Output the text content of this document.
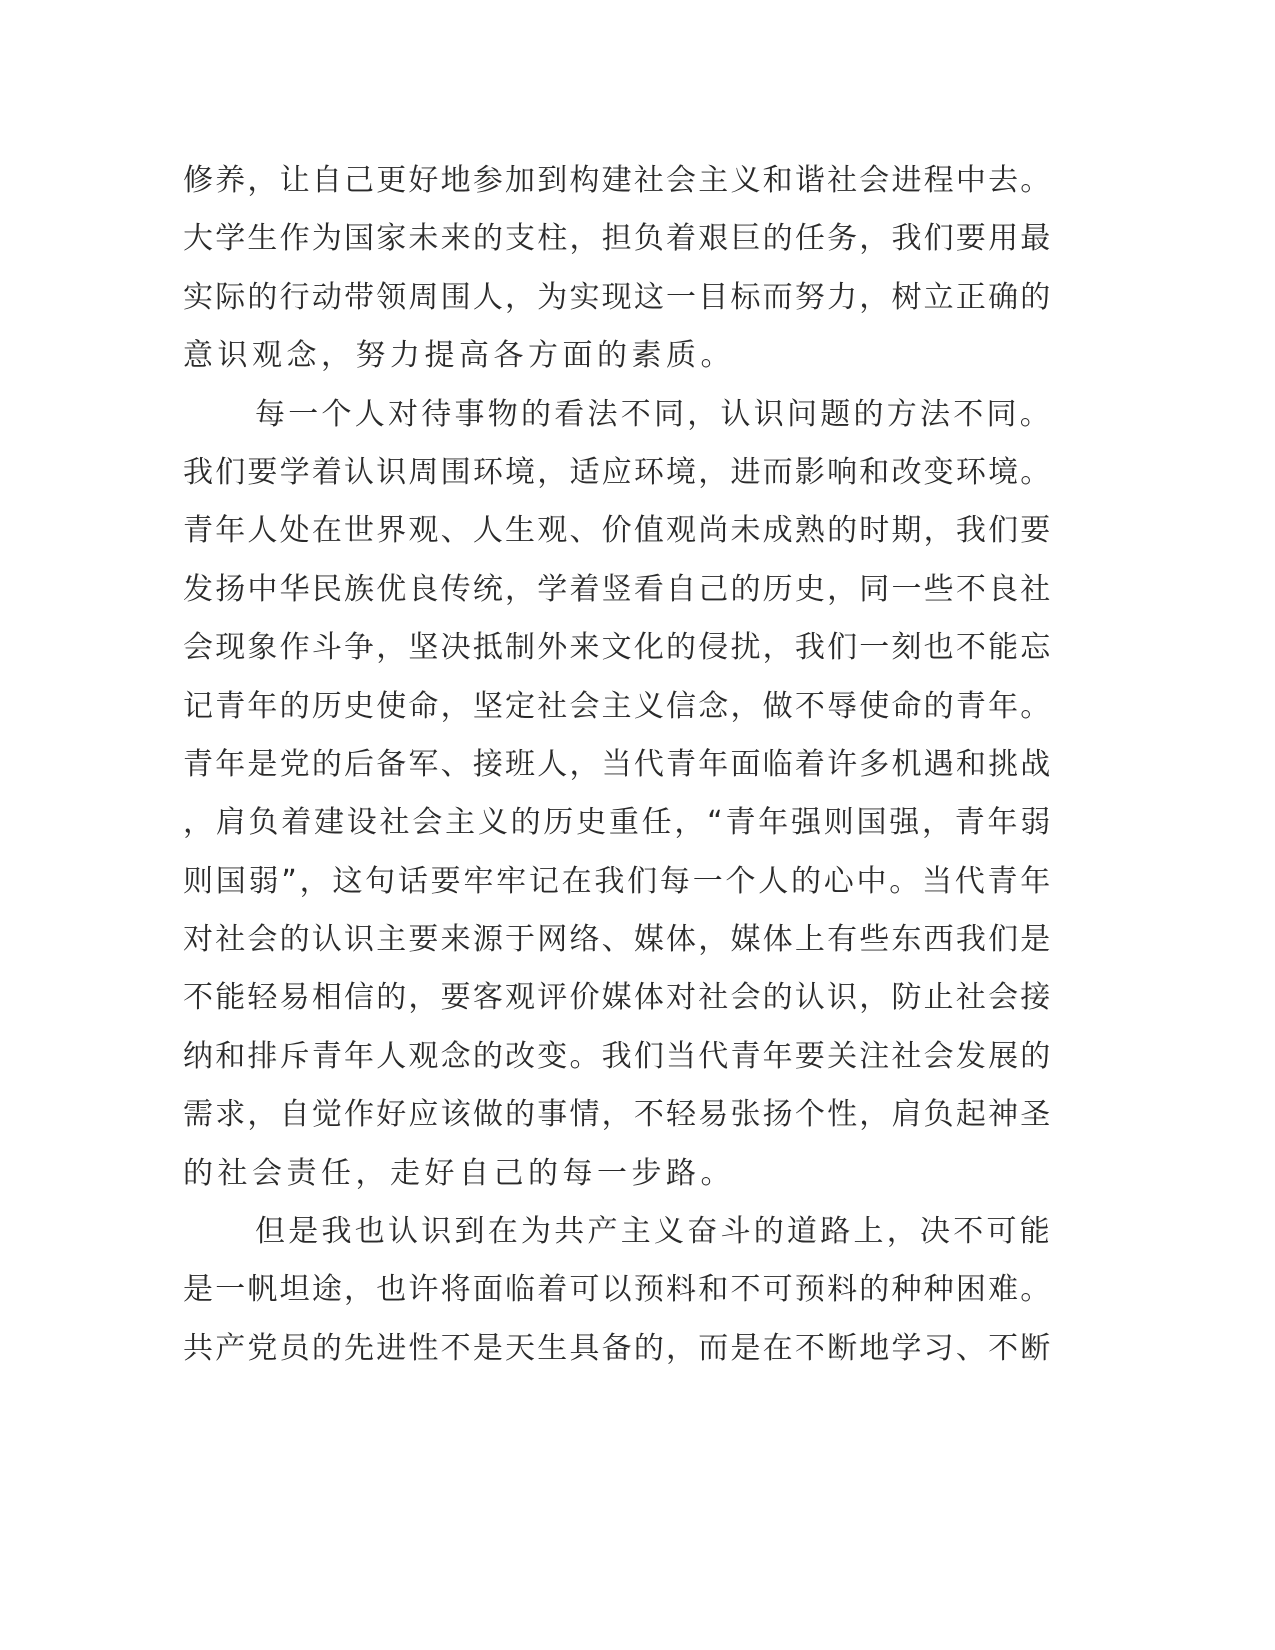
修养，让自己更好地参加到构建社会主义和谐社会进程中去。
大学生作为国家未来的支柱，担负着艰巨的任务，我们要用最
实际的行动带领周围人，为实现这一目标而努力，树立正确的
意识观念，努力提高各方面的素质。
每一个人对待事物的看法不同，认识问题的方法不同。
我们要学着认识周围环境，适应环境，进而影响和改变环境。
青年人处在世界观、人生观、价值观尚未成熟的时期，我们要
发扬中华民族优良传统，学着竖看自己的历史，同一些不良社
会现象作斗争，坚决抵制外来文化的侵扰，我们一刻也不能忘
记青年的历史使命，坚定社会主义信念，做不辱使命的青年。
青年是党的后备军、接班人，当代青年面临着许多机遇和挑战
，肩负着建设社会主义的历史重任，“青年强则国强，青年弱
则国弱”，这句话要牢牢记在我们每一个人的心中。当代青年
对社会的认识主要来源于网络、媒体，媒体上有些东西我们是
不能轻易相信的，要客观评价媒体对社会的认识，防止社会接
纳和排斥青年人观念的改变。我们当代青年要关注社会发展的
需求，自觉作好应该做的事情，不轻易张扬个性，肩负起神圣
的社会责任，走好自己的每一步路。
但是我也认识到在为共产主义奋斗的道路上，决不可能
是一帆坦途，也许将面临着可以预料和不可预料的种种困难。
共产党员的先进性不是天生具备的，而是在不断地学习、不断
